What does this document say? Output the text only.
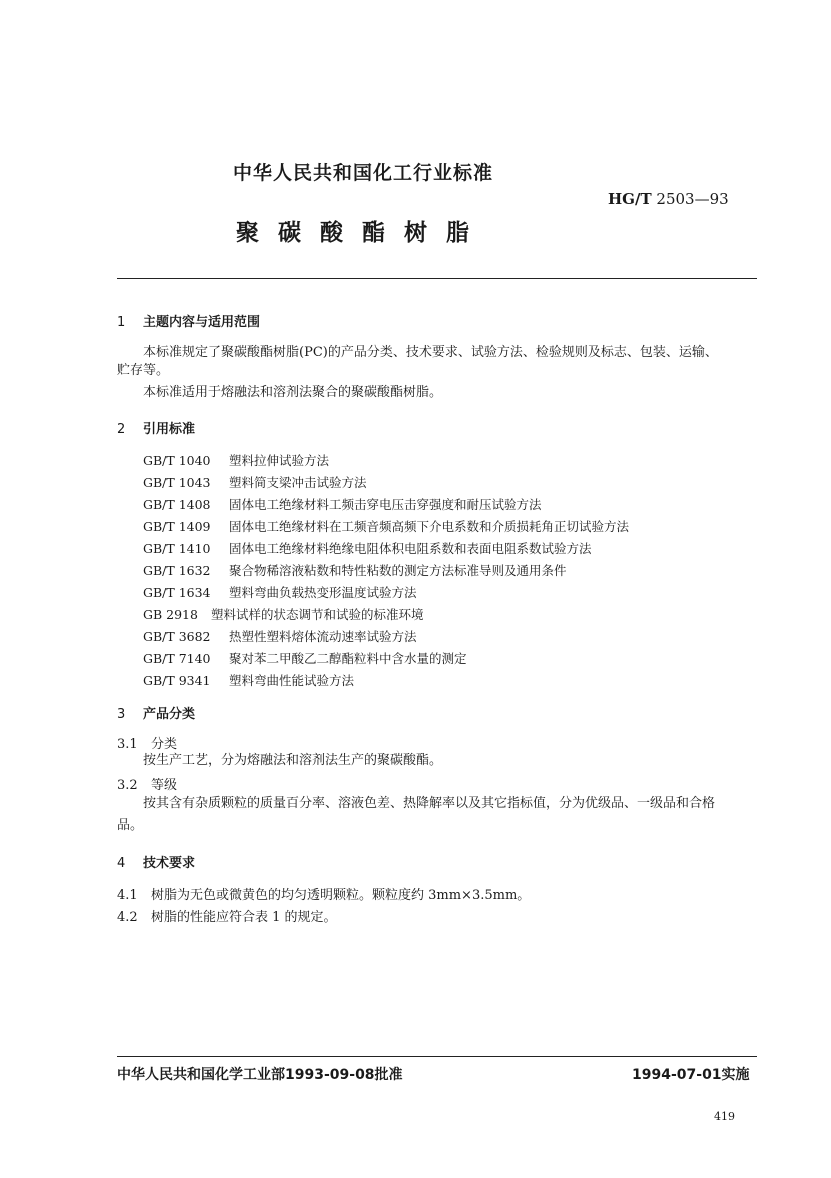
中华人民共和国化工行业标准
HG/T 2503—93
聚碳酸酯树脂
1 主题内容与适用范围
本标准规定了聚碳酸酯树脂(PC)的产品分类、技术要求、试验方法、检验规则及标志、包装、运输、
贮存等。
本标准适用于熔融法和溶剂法聚合的聚碳酸酯树脂。
2 引用标准
GB/T 1040 塑料拉伸试验方法
GB/T 1043 塑料简支梁冲击试验方法
GB/T 1408 固体电工绝缘材料工频击穿电压击穿强度和耐压试验方法
GB/T 1409 固体电工绝缘材料在工频音频高频下介电系数和介质损耗角正切试验方法
GB/T 1410 固体电工绝缘材料绝缘电阻体积电阻系数和表面电阻系数试验方法
GB/T 1632 聚合物稀溶液粘数和特性粘数的测定方法标准导则及通用条件
GB/T 1634 塑料弯曲负载热变形温度试验方法
GB 2918 塑料试样的状态调节和试验的标准环境
GB/T 3682 热塑性塑料熔体流动速率试验方法
GB/T 7140 聚对苯二甲酸乙二醇酯粒料中含水量的测定
GB/T 9341 塑料弯曲性能试验方法
3 产品分类
3.1 分类
按生产工艺，分为熔融法和溶剂法生产的聚碳酸酯。
3.2 等级
按其含有杂质颗粒的质量百分率、溶液色差、热降解率以及其它指标值，分为优级品、一级品和合格
品。
4 技术要求
4.1 树脂为无色或微黄色的均匀透明颗粒。颗粒度约 3mm×3.5mm。
4.2 树脂的性能应符合表 1 的规定。
中华人民共和国化学工业部1993-09-08批准	1994-07-01实施
419
